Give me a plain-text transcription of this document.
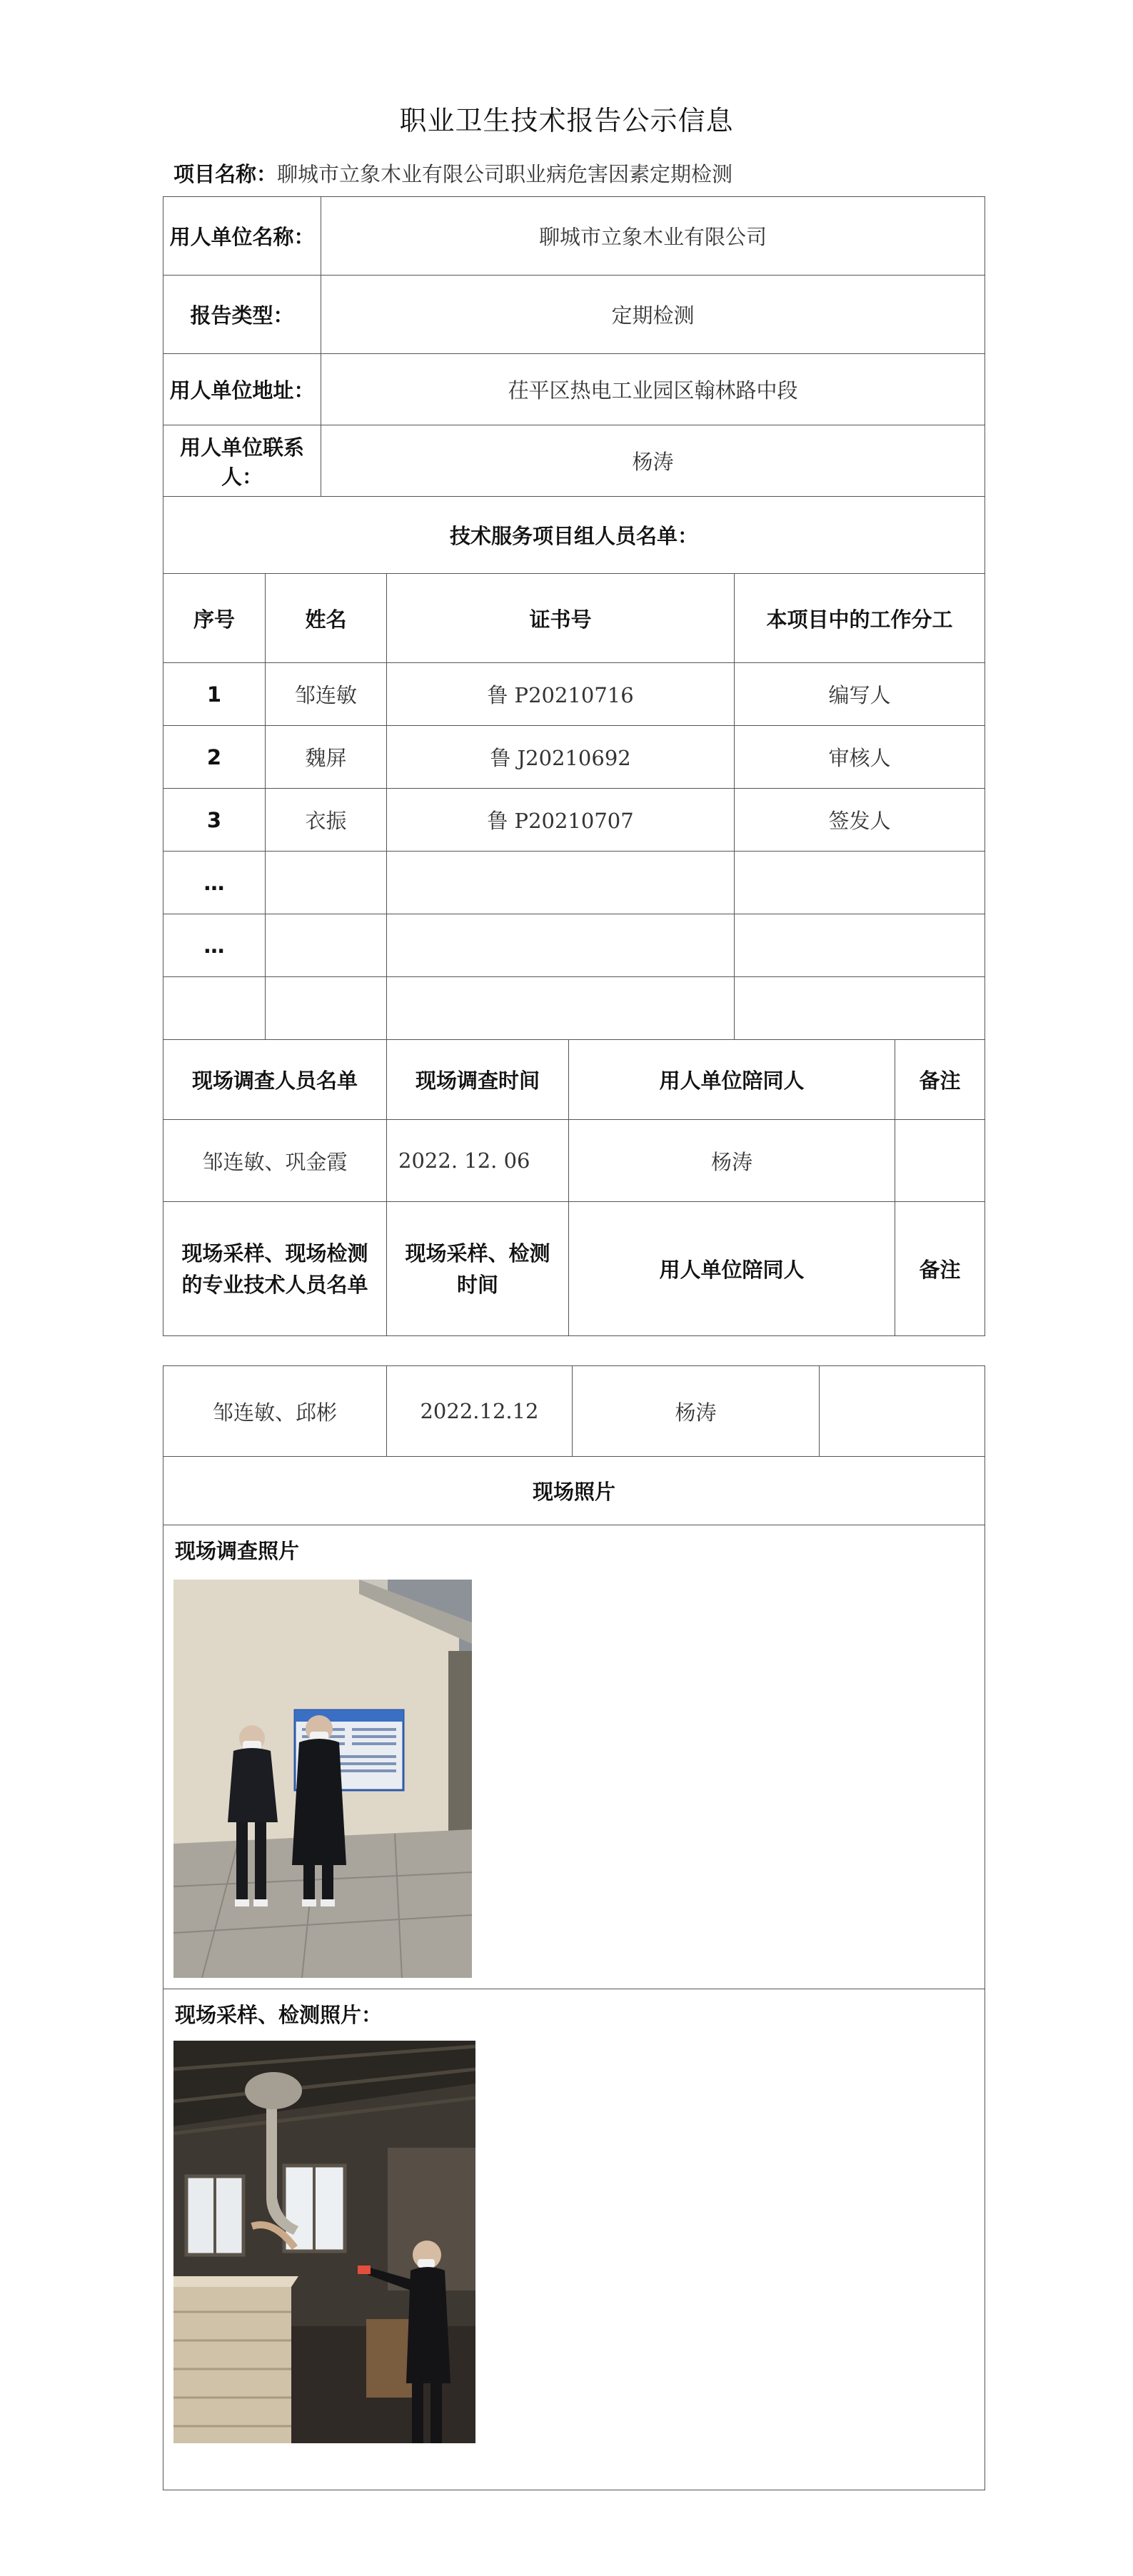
职业卫生技术报告公示信息
项目名称：聊城市立象木业有限公司职业病危害因素定期检测
用人单位名称：		聊城市立象木业有限公司				
报告类型：		定期检测				
用人单位地址：		茌平区热电工业园区翰林路中段				
用人单位联系人：		杨涛				
技术服务项目组人员名单：						
序号	姓名		证书号		本项目中的工作分工	
1	邹连敏		鲁 P20210716		编写人	
2	魏屏		鲁 J20210692		审核人	
3	衣振		鲁 P20210707		签发人	
…						
…						

现场调查人员名单			现场调查时间	用人单位陪同人		备注
邹连敏、巩金霞			2022. 12. 06	杨涛		
现场采样、现场检测的专业技术人员名单			现场采样、检测时间	用人单位陪同人		备注
邹连敏、邱彬	2022.12.12	杨涛	
现场照片

现场调查照片

现场采样、检测照片：
